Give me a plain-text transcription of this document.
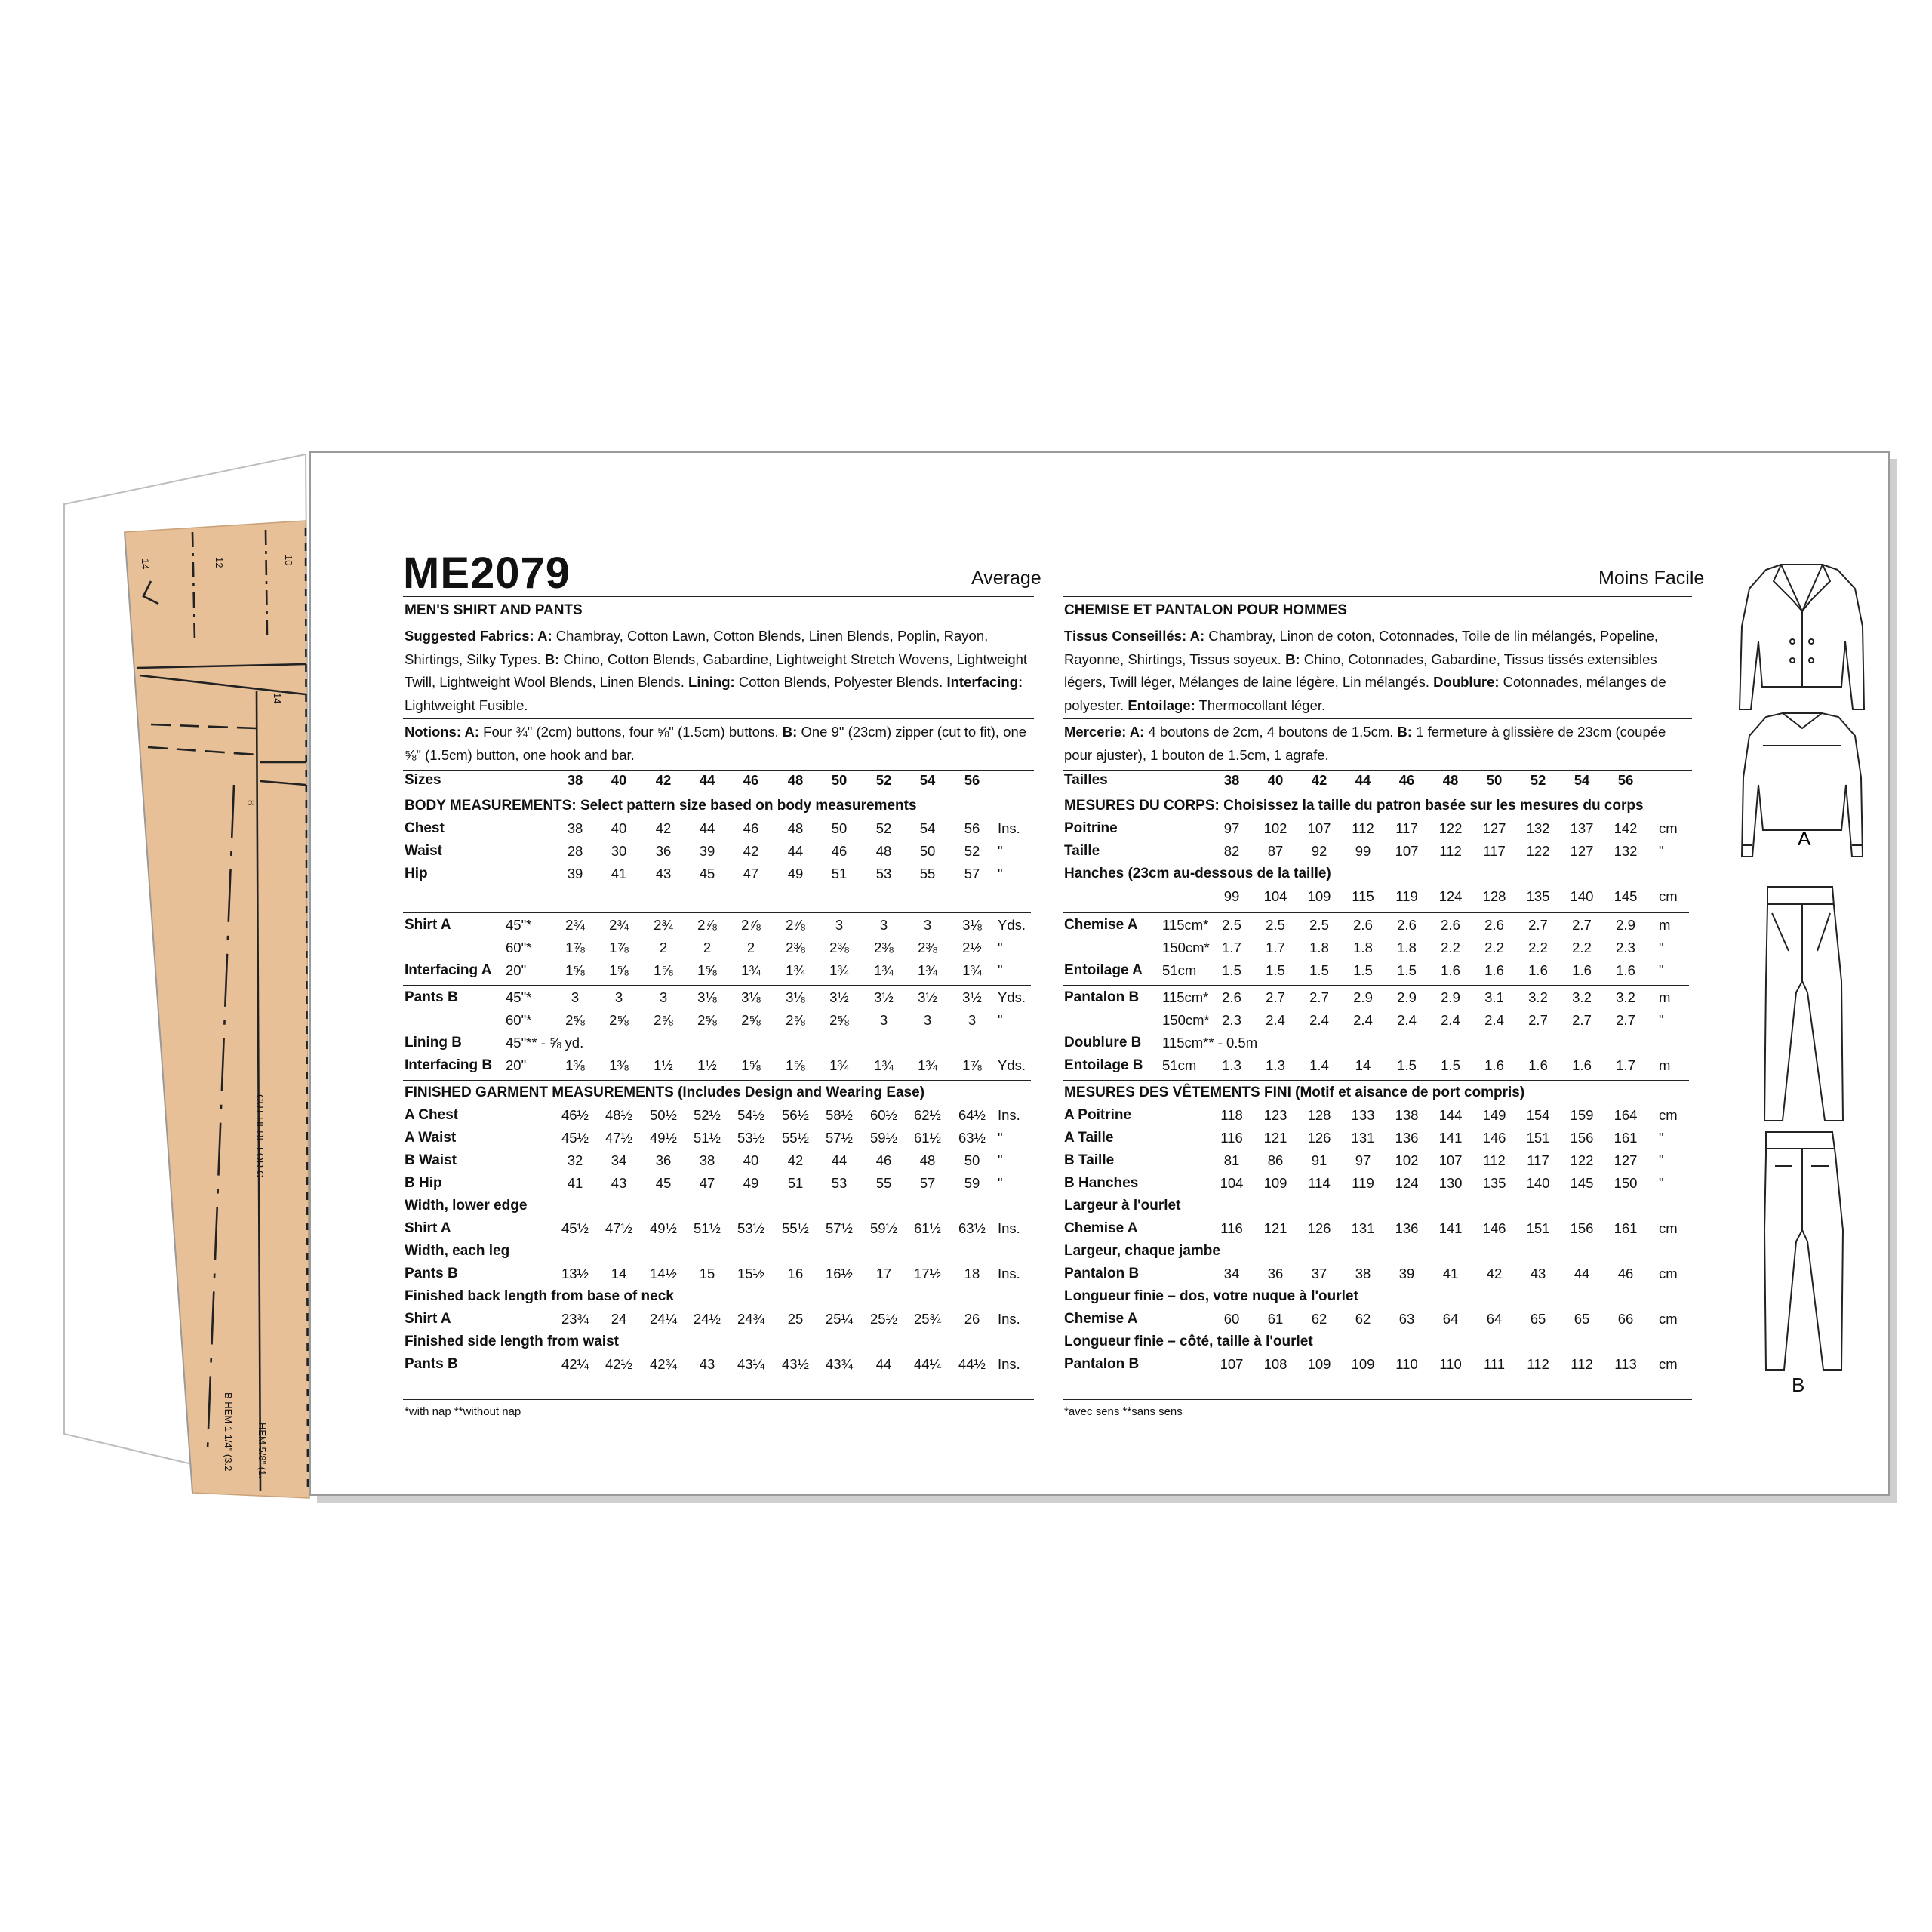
14	12	10
14
8
CUT HERE FOR C
B HEM 1 1/4" (3.2 HEM 5/8" (1.
ME2079	Average
MEN'S SHIRT AND PANTS
Suggested Fabrics: A: Chambray, Cotton Lawn, Cotton Blends, Linen Blends, Poplin, Rayon, Shirtings, Silky Types. B: Chino, Cotton Blends, Gabardine, Lightweight Stretch Wovens, Lightweight Twill, Lightweight Wool Blends, Linen Blends. Lining: Cotton Blends, Polyester Blends. Interfacing: Lightweight Fusible.
Notions: A: Four ¾" (2cm) buttons, four ⅝" (1.5cm) buttons. B: One 9" (23cm) zipper (cut to fit), one ⅝" (1.5cm) button, one hook and bar.
Sizes	38	40	42	44	46	48	50	52	54	56
BODY MEASUREMENTS: Select pattern size based on body measurements
Chest	38	40	42	44	46	48	50	52	54	56	Ins.
Waist	28	30	36	39	42	44	46	48	50	52	"
Hip	39	41	43	45	47	49	51	53	55	57	"
Shirt A	45"*	2¾	2¾	2¾	2⅞	2⅞	2⅞	3	3	3	3⅛	Yds.
60"*	1⅞	1⅞	2	2	2	2⅜	2⅜	2⅜	2⅜	2½	"
Interfacing A 20"	1⅝	1⅝	1⅝	1⅝	1¾	1¾	1¾	1¾	1¾	1¾	"
Pants B	45"*	3	3	3	3⅛	3⅛	3⅛	3½	3½	3½	3½	Yds.
60"*	2⅝	2⅝	2⅝	2⅝	2⅝	2⅝	2⅝	3	3	3	"
Lining B	45"** - ⅝ yd.
Interfacing B 20"	1⅜	1⅜	1½	1½	1⅝	1⅝	1¾	1¾	1¾	1⅞	Yds.
FINISHED GARMENT MEASUREMENTS (Includes Design and Wearing Ease)
A Chest	46½	48½	50½	52½	54½	56½	58½	60½	62½	64½ Ins.
A Waist	45½	47½	49½	51½	53½	55½	57½	59½	61½	63½ "
B Waist	32	34	36	38	40	42	44	46	48	50	"
B Hip	41	43	45	47	49	51	53	55	57	59	"
Width, lower edge
Shirt A	45½	47½	49½	51½	53½	55½	57½	59½	61½	63½ Ins.
Width, each leg
Pants B	13½	14	14½	15	15½	16	16½	17	17½	18	Ins.
Finished back length from base of neck
Shirt A	23¾	24	24¼	24½	24¾	25	25¼	25½	25¾	26	Ins.
Finished side length from waist
Pants B	42¼	42½	42¾	43	43¼	43½	43¾	44	44¼	44½ Ins.
*with nap **without nap
Moins Facile
CHEMISE ET PANTALON POUR HOMMES
Tissus Conseillés: A: Chambray, Linon de coton, Cotonnades, Toile de lin mélangés, Popeline, Rayonne, Shirtings, Tissus soyeux. B: Chino, Cotonnades, Gabardine, Tissus tissés extensibles légers, Twill léger, Mélanges de laine légère, Lin mélangés. Doublure: Cotonnades, mélanges de polyester. Entoilage: Thermocollant léger.
Mercerie: A: 4 boutons de 2cm, 4 boutons de 1.5cm. B: 1 fermeture à glissière de 23cm (coupée pour ajuster), 1 bouton de 1.5cm, 1 agrafe.
Tailles	38	40	42	44	46	48	50	52	54	56
MESURES DU CORPS: Choisissez la taille du patron basée sur les mesures du corps
Poitrine	97	102	107	112	117	122	127	132	137	142	cm
Taille	82	87	92	99	107	112	117	122	127	132	"
Hanches (23cm au-dessous de la taille)
99	104	109	115	119	124	128	135	140	145	cm
Chemise A 115cm* 2.5	2.5	2.5	2.6	2.6	2.6	2.6	2.7	2.7	2.9	m
150cm* 1.7	1.7	1.8	1.8	1.8	2.2	2.2	2.2	2.2	2.3	"
Entoilage A 51cm	1.5	1.5	1.5	1.5	1.5	1.6	1.6	1.6	1.6	1.6	"
Pantalon B 115cm* 2.6	2.7	2.7	2.9	2.9	2.9	3.1	3.2	3.2	3.2	m
150cm* 2.3	2.4	2.4	2.4	2.4	2.4	2.4	2.7	2.7	2.7	"
Doublure B 115cm** - 0.5m
Entoilage B 51cm	1.3	1.3	1.4	14	1.5	1.5	1.6	1.6	1.6	1.7	m
MESURES DES VÊTEMENTS FINI (Motif et aisance de port compris)
A Poitrine	118	123	128	133	138	144	149	154	159	164	cm
A Taille	116	121	126	131	136	141	146	151	156	161	"
B Taille	81	86	91	97	102	107	112	117	122	127	"
B Hanches	104	109	114	119	124	130	135	140	145	150	"
Largeur à l'ourlet
Chemise A	116	121	126	131	136	141	146	151	156	161	cm
Largeur, chaque jambe
Pantalon B	34	36	37	38	39	41	42	43	44	46	cm
Longueur finie – dos, votre nuque à l'ourlet
Chemise A	60	61	62	62	63	64	64	65	65	66	cm
Longueur finie – côté, taille à l'ourlet
Pantalon B	107	108	109	109	110	110	111	112	112	113	cm
*avec sens **sans sens
A
B
